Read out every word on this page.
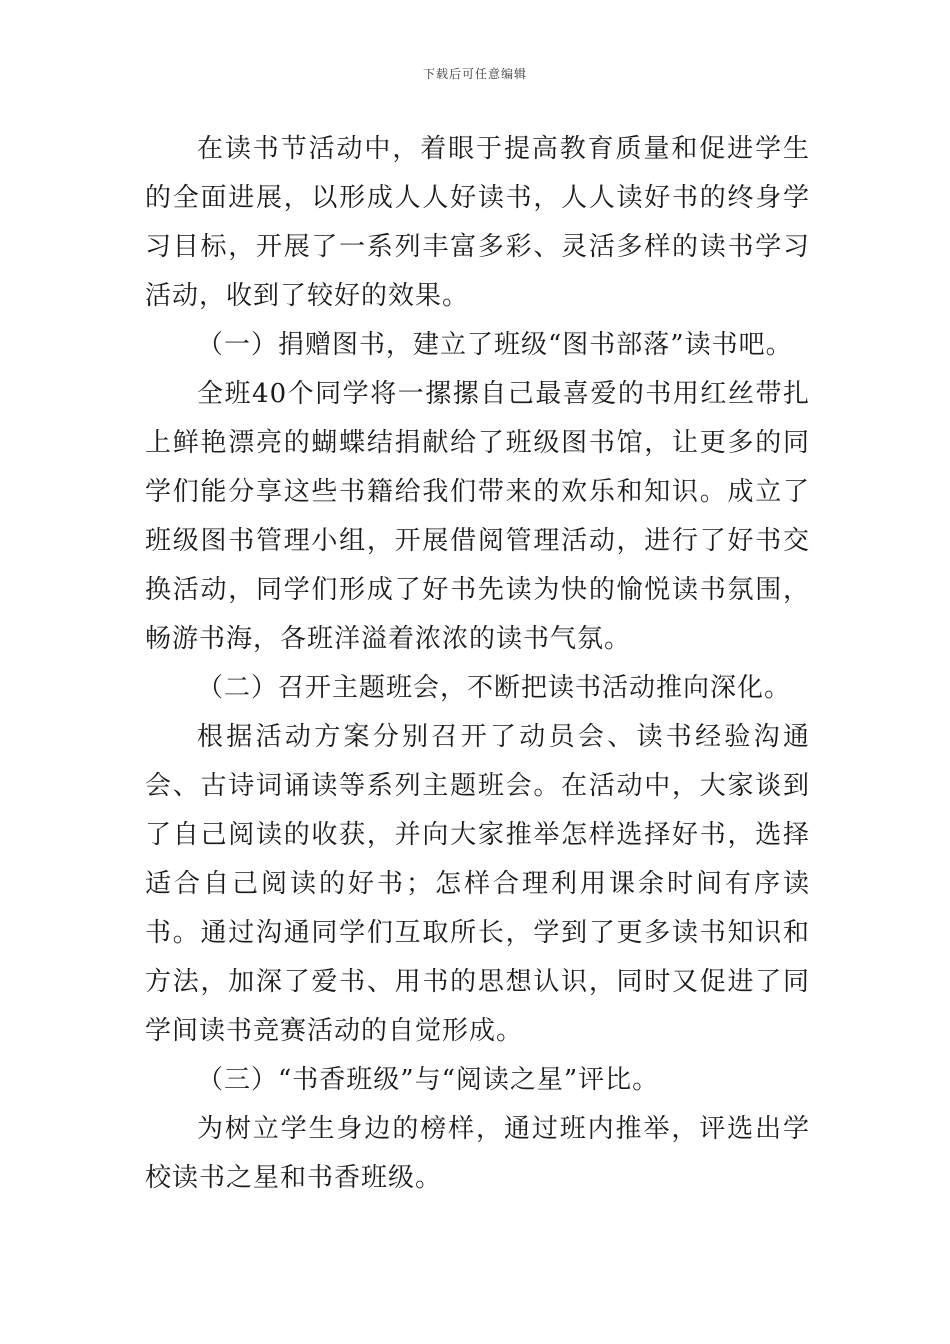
下载后可任意编辑

在读书节活动中，着眼于提高教育质量和促进学生的全面进展，以形成人人好读书，人人读好书的终身学习目标，开展了一系列丰富多彩、灵活多样的读书学习活动，收到了较好的效果。

（一）捐赠图书，建立了班级“图书部落”读书吧。

全班40个同学将一摞摞自己最喜爱的书用红丝带扎上鲜艳漂亮的蝴蝶结捐献给了班级图书馆，让更多的同学们能分享这些书籍给我们带来的欢乐和知识。成立了班级图书管理小组，开展借阅管理活动，进行了好书交换活动，同学们形成了好书先读为快的愉悦读书氛围，畅游书海，各班洋溢着浓浓的读书气氛。

（二）召开主题班会，不断把读书活动推向深化。

根据活动方案分别召开了动员会、读书经验沟通会、古诗词诵读等系列主题班会。在活动中，大家谈到了自己阅读的收获，并向大家推举怎样选择好书，选择适合自己阅读的好书；怎样合理利用课余时间有序读书。通过沟通同学们互取所长，学到了更多读书知识和方法，加深了爱书、用书的思想认识，同时又促进了同学间读书竞赛活动的自觉形成。

（三）“书香班级”与“阅读之星”评比。

为树立学生身边的榜样，通过班内推举，评选出学校读书之星和书香班级。
